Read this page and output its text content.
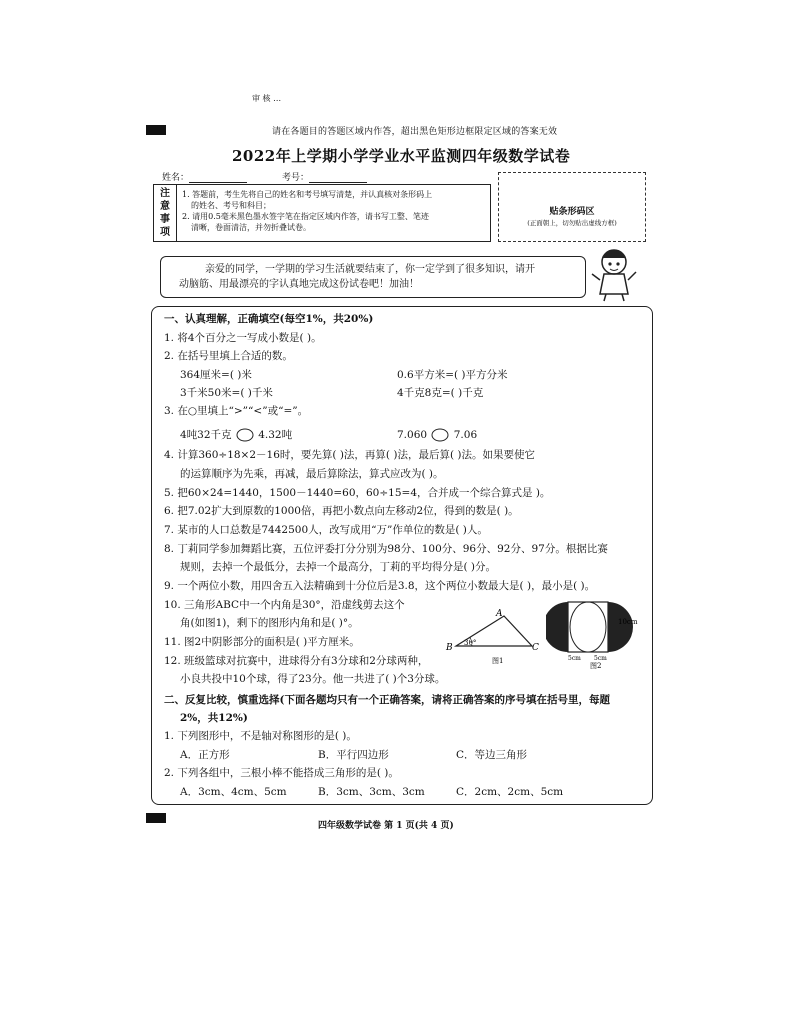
审 核 …
请在各题目的答题区域内作答，超出黑色矩形边框限定区域的答案无效
2022年上学期小学学业水平监测四年级数学试卷
姓名：	考号：
注
意
事
项
1. 答题前，考生先将自己的姓名和考号填写清楚，并认真核对条形码上
的姓名、考号和科目；
2. 请用0.5毫米黑色墨水签字笔在指定区域内作答，请书写工整、笔迹
清晰，卷面清洁，并勿折叠试卷。
贴条形码区
(正面朝上，切勿贴出虚线方框)
亲爱的同学，一学期的学习生活就要结束了，你一定学到了很多知识，请开
动脑筋、用最漂亮的字认真地完成这份试卷吧！加油！
一、认真理解，正确填空(每空1%，共20%)
1. 将4个百分之一写成小数是( )。
2. 在括号里填上合适的数。
364厘米=( )米	0.6平方米=( )平方分米
3千米50米=( )千米	4千克8克=( )千克
3. 在○里填上“>”“<”或“=”。
4吨32千克	4.32吨	7.060	7.06
4. 计算360÷18×2－16时，要先算( )法，再算( )法，最后算( )法。如果要使它
的运算顺序为先乘，再减，最后算除法，算式应改为( )。
5. 把60×24=1440，1500－1440=60，60÷15=4，合并成一个综合算式是 )。
6. 把7.02扩大到原数的1000倍，再把小数点向左移动2位，得到的数是( )。
7. 某市的人口总数是7442500人，改写成用“万”作单位的数是( )人。
8. 丁莉同学参加舞蹈比赛，五位评委打分分别为98分、100分、96分、92分、97分。根据比赛
规则，去掉一个最低分，去掉一个最高分，丁莉的平均得分是( )分。
9. 一个两位小数，用四舍五入法精确到十分位后是3.8，这个两位小数最大是( )，最小是( )。
10. 三角形ABC中一个内角是30°，沿虚线剪去这个
角(如图1)，剩下的图形内角和是( )°。
11. 图2中阴影部分的面积是( )平方厘米。
12. 班级篮球对抗赛中，进球得分有3分球和2分球两种，
小良共投中10个球，得了23分。他一共进了( )个3分球。
A
B	C
30°
图1
10cm
5cm 5cm
图2
二、反复比较，慎重选择(下面各题均只有一个正确答案，请将正确答案的序号填在括号里，每题
2%，共12%)
1. 下列图形中，不是轴对称图形的是( )。
A．正方形	B．平行四边形	C．等边三角形
2. 下列各组中，三根小棒不能搭成三角形的是( )。
A．3cm、4cm、5cm	B．3cm、3cm、3cm	C．2cm、2cm、5cm
四年级数学试卷 第 1 页(共 4 页)
